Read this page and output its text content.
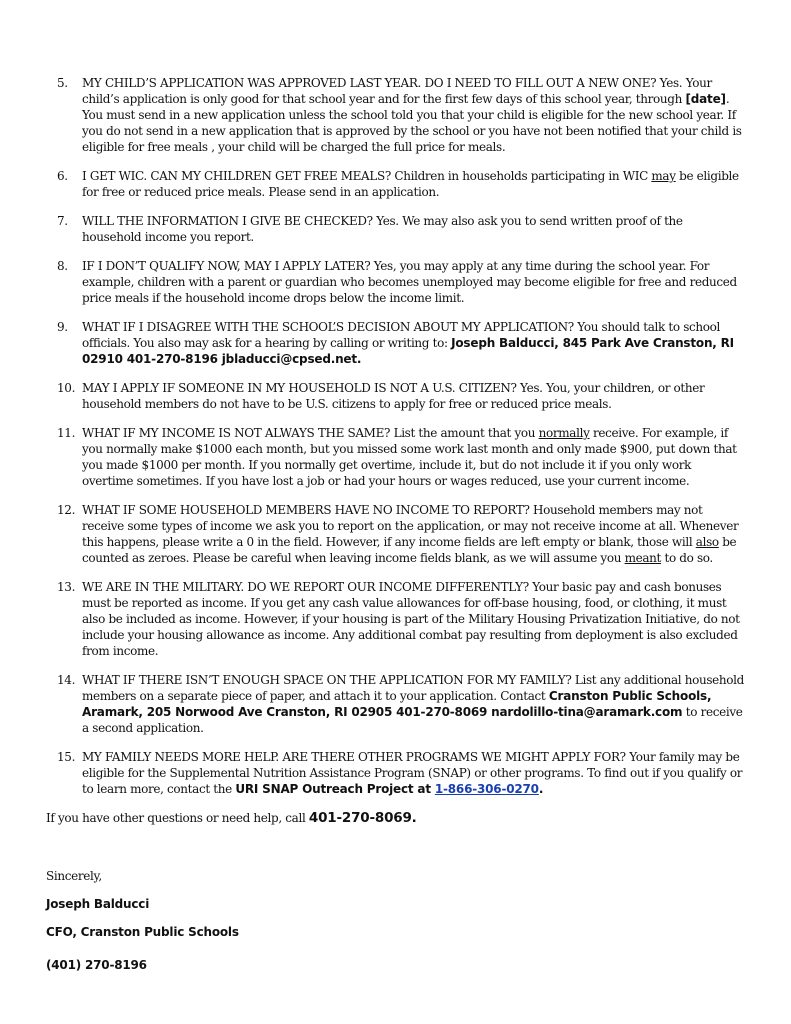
5. MY CHILD’S APPLICATION WAS APPROVED LAST YEAR. DO I NEED TO FILL OUT A NEW ONE? Yes. Your child’s application is only good for that school year and for the first few days of this school year, through [date]. You must send in a new application unless the school told you that your child is eligible for the new school year. If you do not send in a new application that is approved by the school or you have not been notified that your child is eligible for free meals , your child will be charged the full price for meals.
6. I GET WIC. CAN MY CHILDREN GET FREE MEALS? Children in households participating in WIC may be eligible for free or reduced price meals. Please send in an application.
7. WILL THE INFORMATION I GIVE BE CHECKED? Yes. We may also ask you to send written proof of the household income you report.
8. IF I DON’T QUALIFY NOW, MAY I APPLY LATER? Yes, you may apply at any time during the school year. For example, children with a parent or guardian who becomes unemployed may become eligible for free and reduced price meals if the household income drops below the income limit.
9. WHAT IF I DISAGREE WITH THE SCHOOL’S DECISION ABOUT MY APPLICATION? You should talk to school officials. You also may ask for a hearing by calling or writing to: Joseph Balducci, 845 Park Ave Cranston, RI 02910 401-270-8196 jbladucci@cpsed.net.
10. MAY I APPLY IF SOMEONE IN MY HOUSEHOLD IS NOT A U.S. CITIZEN? Yes. You, your children, or other household members do not have to be U.S. citizens to apply for free or reduced price meals.
11. WHAT IF MY INCOME IS NOT ALWAYS THE SAME? List the amount that you normally receive. For example, if you normally make $1000 each month, but you missed some work last month and only made $900, put down that you made $1000 per month. If you normally get overtime, include it, but do not include it if you only work overtime sometimes. If you have lost a job or had your hours or wages reduced, use your current income.
12. WHAT IF SOME HOUSEHOLD MEMBERS HAVE NO INCOME TO REPORT? Household members may not receive some types of income we ask you to report on the application, or may not receive income at all. Whenever this happens, please write a 0 in the field. However, if any income fields are left empty or blank, those will also be counted as zeroes. Please be careful when leaving income fields blank, as we will assume you meant to do so.
13. WE ARE IN THE MILITARY. DO WE REPORT OUR INCOME DIFFERENTLY? Your basic pay and cash bonuses must be reported as income. If you get any cash value allowances for off-base housing, food, or clothing, it must also be included as income. However, if your housing is part of the Military Housing Privatization Initiative, do not include your housing allowance as income. Any additional combat pay resulting from deployment is also excluded from income.
14. WHAT IF THERE ISN’T ENOUGH SPACE ON THE APPLICATION FOR MY FAMILY? List any additional household members on a separate piece of paper, and attach it to your application. Contact Cranston Public Schools, Aramark, 205 Norwood Ave Cranston, RI 02905 401-270-8069 nardolillo-tina@aramark.com to receive a second application.
15. MY FAMILY NEEDS MORE HELP. ARE THERE OTHER PROGRAMS WE MIGHT APPLY FOR? Your family may be eligible for the Supplemental Nutrition Assistance Program (SNAP) or other programs. To find out if you qualify or to learn more, contact the URI SNAP Outreach Project at 1-866-306-0270.
If you have other questions or need help, call 401-270-8069.
Sincerely,
Joseph Balducci
CFO, Cranston Public Schools
(401) 270-8196
